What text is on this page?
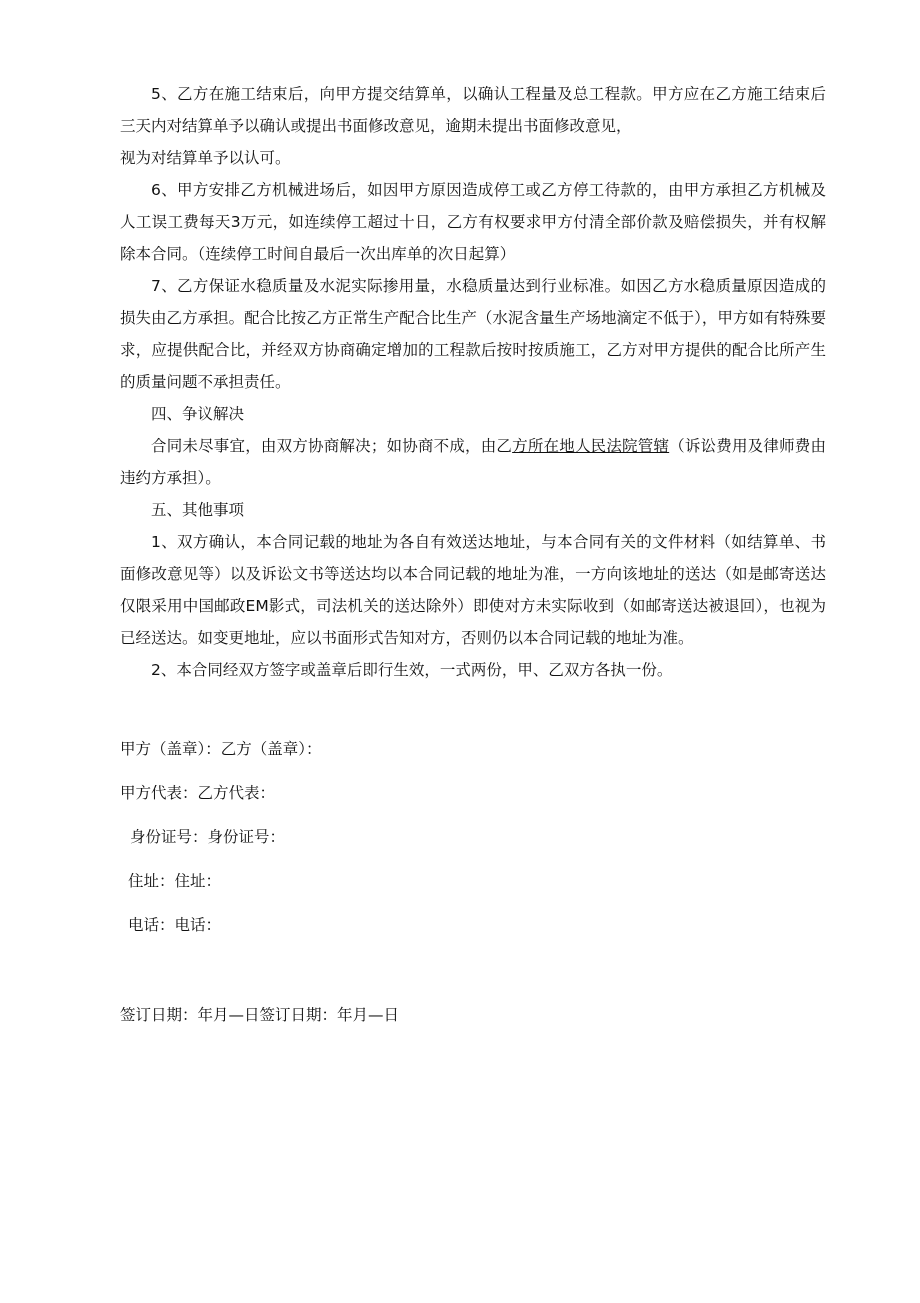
5、乙方在施工结束后，向甲方提交结算单，以确认工程量及总工程款。甲方应在乙方施工结束后三天内对结算单予以确认或提出书面修改意见，逾期未提出书面修改意见，

视为对结算单予以认可。

6、甲方安排乙方机械进场后，如因甲方原因造成停工或乙方停工待款的，由甲方承担乙方机械及人工误工费每天3万元，如连续停工超过十日，乙方有权要求甲方付清全部价款及赔偿损失，并有权解除本合同。（连续停工时间自最后一次出库单的次日起算）

7、乙方保证水稳质量及水泥实际掺用量，水稳质量达到行业标准。如因乙方水稳质量原因造成的损失由乙方承担。配合比按乙方正常生产配合比生产（水泥含量生产场地滴定不低于），甲方如有特殊要求，应提供配合比，并经双方协商确定增加的工程款后按时按质施工，乙方对甲方提供的配合比所产生的质量问题不承担责任。

四、争议解决

合同未尽事宜，由双方协商解决；如协商不成，由乙方所在地人民法院管辖（诉讼费用及律师费由违约方承担）。

五、其他事项

1、双方确认，本合同记载的地址为各自有效送达地址，与本合同有关的文件材料（如结算单、书面修改意见等）以及诉讼文书等送达均以本合同记载的地址为准，一方向该地址的送达（如是邮寄送达仅限采用中国邮政EM影式，司法机关的送达除外）即使对方未实际收到（如邮寄送达被退回），也视为已经送达。如变更地址，应以书面形式告知对方，否则仍以本合同记载的地址为准。

2、本合同经双方签字或盖章后即行生效，一式两份，甲、乙双方各执一份。

甲方（盖章）：乙方（盖章）：
甲方代表：乙方代表：
身份证号：身份证号：
住址：住址：
电话：电话：
签订日期：年月—日签订日期：年月—日
